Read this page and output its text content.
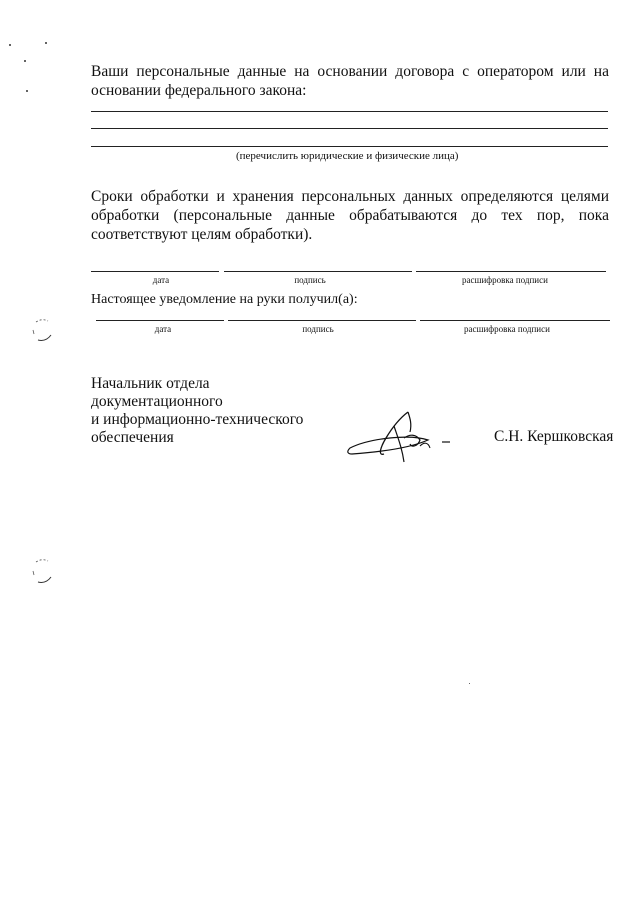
Ваши персональные данные на основании договора с оператором или на основании федерального закона:
(перечислить юридические и физические лица)
Сроки обработки и хранения персональных данных определяются целями обработки (персональные данные обрабатываются до тех пор, пока соответствуют целям обработки).
дата	подпись	расшифровка подписи
Настоящее уведомление на руки получил(а):
дата	подпись	расшифровка подписи
Начальник отдела
документационного
и информационно-технического
обеспечения	С.Н. Кершковская
